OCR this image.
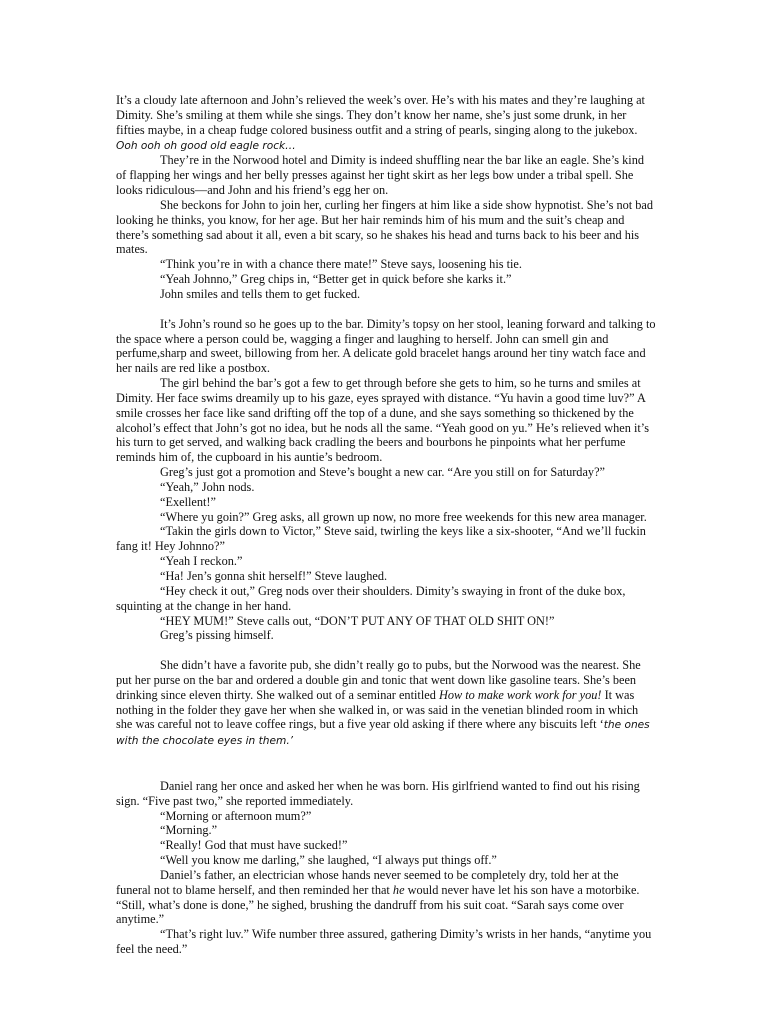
It’s a cloudy late afternoon and John’s relieved the week’s over. He’s with his mates and they’re laughing at Dimity. She’s smiling at them while she sings. They don’t know her name, she’s just some drunk, in her fifties maybe, in a cheap fudge colored business outfit and a string of pearls, singing along to the jukebox. Ooh ooh oh good old eagle rock…

They’re in the Norwood hotel and Dimity is indeed shuffling near the bar like an eagle. She’s kind of flapping her wings and her belly presses against her tight skirt as her legs bow under a tribal spell. She looks ridiculous—and John and his friend’s egg her on.

She beckons for John to join her, curling her fingers at him like a side show hypnotist. She’s not bad looking he thinks, you know, for her age. But her hair reminds him of his mum and the suit’s cheap and there’s something sad about it all, even a bit scary, so he shakes his head and turns back to his beer and his mates.

“Think you’re in with a chance there mate!” Steve says, loosening his tie.

“Yeah Johnno,” Greg chips in, “Better get in quick before she karks it.”

John smiles and tells them to get fucked.

It’s John’s round so he goes up to the bar. Dimity’s topsy on her stool, leaning forward and talking to the space where a person could be, wagging a finger and laughing to herself. John can smell gin and perfume,sharp and sweet, billowing from her. A delicate gold bracelet hangs around her tiny watch face and her nails are red like a postbox.

The girl behind the bar’s got a few to get through before she gets to him, so he turns and smiles at Dimity. Her face swims dreamily up to his gaze, eyes sprayed with distance. “Yu havin a good time luv?” A smile crosses her face like sand drifting off the top of a dune, and she says something so thickened by the alcohol’s effect that John’s got no idea, but he nods all the same. “Yeah good on yu.” He’s relieved when it’s his turn to get served, and walking back cradling the beers and bourbons he pinpoints what her perfume reminds him of, the cupboard in his auntie’s bedroom.

Greg’s just got a promotion and Steve’s bought a new car. “Are you still on for Saturday?”

“Yeah,” John nods.

“Exellent!”

“Where yu goin?” Greg asks, all grown up now, no more free weekends for this new area manager.

“Takin the girls down to Victor,” Steve said, twirling the keys like a six-shooter, “And we’ll fuckin fang it! Hey Johnno?”

“Yeah I reckon.”

“Ha! Jen’s gonna shit herself!” Steve laughed.

“Hey check it out,” Greg nods over their shoulders. Dimity’s swaying in front of the duke box, squinting at the change in her hand.

“HEY MUM!” Steve calls out, “DON’T PUT ANY OF THAT OLD SHIT ON!”

Greg’s pissing himself.

She didn’t have a favorite pub, she didn’t really go to pubs, but the Norwood was the nearest. She put her purse on the bar and ordered a double gin and tonic that went down like gasoline tears. She’s been drinking since eleven thirty. She walked out of a seminar entitled How to make work work for you! It was nothing in the folder they gave her when she walked in, or was said in the venetian blinded room in which she was careful not to leave coffee rings, but a five year old asking if there where any biscuits left ‘the ones with the chocolate eyes in them.’

Daniel rang her once and asked her when he was born. His girlfriend wanted to find out his rising sign. “Five past two,” she reported immediately.

“Morning or afternoon mum?”

“Morning.”

“Really! God that must have sucked!”

“Well you know me darling,” she laughed, “I always put things off.”

Daniel’s father, an electrician whose hands never seemed to be completely dry, told her at the funeral not to blame herself, and then reminded her that he would never have let his son have a motorbike. “Still, what’s done is done,” he sighed, brushing the dandruff from his suit coat. “Sarah says come over anytime.”

“That’s right luv.” Wife number three assured, gathering Dimity’s wrists in her hands, “anytime you feel the need.”
